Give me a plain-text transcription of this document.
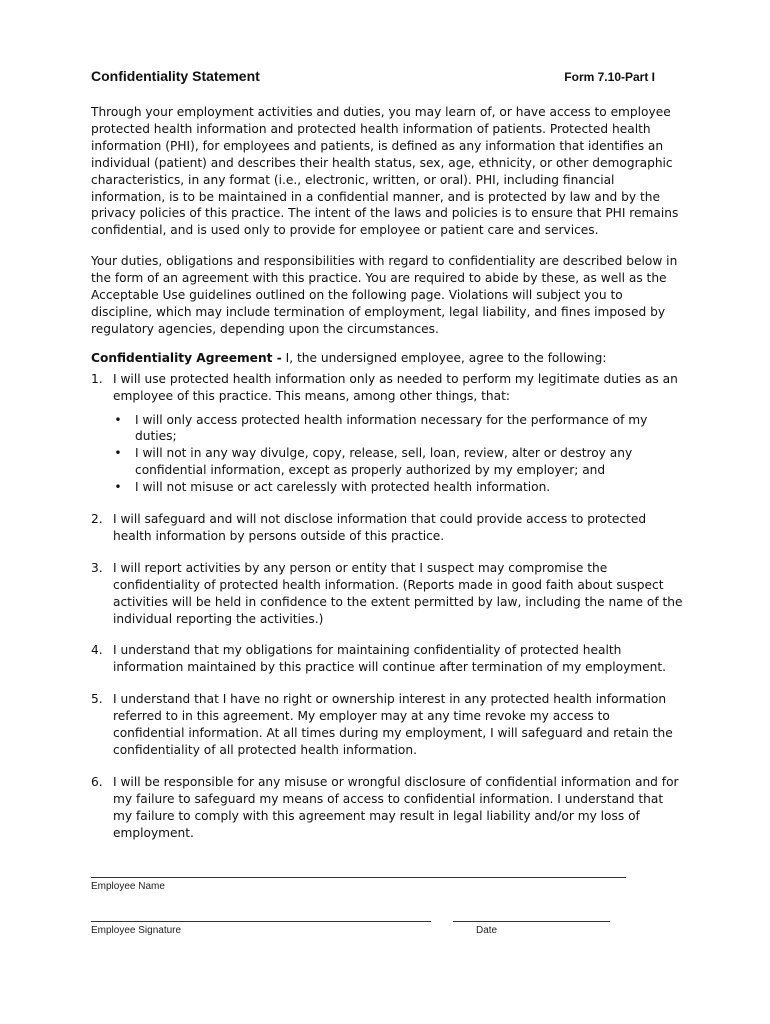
Confidentiality Statement	Form 7.10-Part I

Through your employment activities and duties, you may learn of, or have access to employee protected health information and protected health information of patients. Protected health information (PHI), for employees and patients, is defined as any information that identifies an individual (patient) and describes their health status, sex, age, ethnicity, or other demographic characteristics, in any format (i.e., electronic, written, or oral). PHI, including financial information, is to be maintained in a confidential manner, and is protected by law and by the privacy policies of this practice. The intent of the laws and policies is to ensure that PHI remains confidential, and is used only to provide for employee or patient care and services.

Your duties, obligations and responsibilities with regard to confidentiality are described below in the form of an agreement with this practice. You are required to abide by these, as well as the Acceptable Use guidelines outlined on the following page. Violations will subject you to discipline, which may include termination of employment, legal liability, and fines imposed by regulatory agencies, depending upon the circumstances.

Confidentiality Agreement - I, the undersigned employee, agree to the following:
1. I will use protected health information only as needed to perform my legitimate duties as an employee of this practice. This means, among other things, that:
• I will only access protected health information necessary for the performance of my duties;
• I will not in any way divulge, copy, release, sell, loan, review, alter or destroy any confidential information, except as properly authorized by my employer; and
• I will not misuse or act carelessly with protected health information.
2. I will safeguard and will not disclose information that could provide access to protected health information by persons outside of this practice.
3. I will report activities by any person or entity that I suspect may compromise the confidentiality of protected health information. (Reports made in good faith about suspect activities will be held in confidence to the extent permitted by law, including the name of the individual reporting the activities.)
4. I understand that my obligations for maintaining confidentiality of protected health information maintained by this practice will continue after termination of my employment.
5. I understand that I have no right or ownership interest in any protected health information referred to in this agreement. My employer may at any time revoke my access to confidential information. At all times during my employment, I will safeguard and retain the confidentiality of all protected health information.
6. I will be responsible for any misuse or wrongful disclosure of confidential information and for my failure to safeguard my means of access to confidential information. I understand that my failure to comply with this agreement may result in legal liability and/or my loss of employment.
Employee Name
Employee Signature	Date
